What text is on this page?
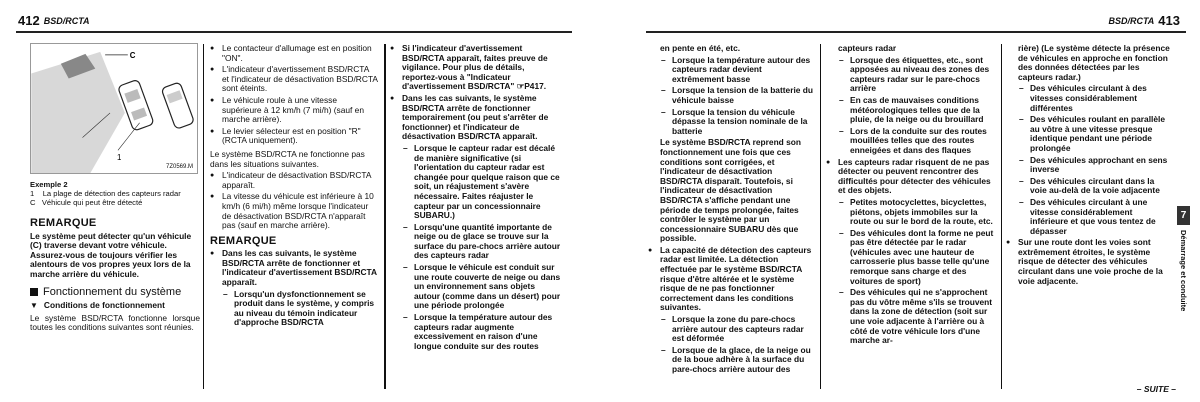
412 BSD/RCTA	BSD/RCTA 413
C
1
7Z0569.M
Exemple 2
1 La plage de détection des capteurs radar
C Véhicule qui peut être détecté
REMARQUE
Le système peut détecter qu'un véhicule (C) traverse devant votre véhicule. Assurez-vous de toujours vérifier les alentours de vos propres yeux lors de la marche arrière du véhicule.
Fonctionnement du système
▼ Conditions de fonctionnement
Le système BSD/RCTA fonctionne lorsque toutes les conditions suivantes sont réunies.
● Le contacteur d'allumage est en position "ON".
● L'indicateur d'avertissement BSD/RCTA et l'indicateur de désactivation BSD/RCTA sont éteints.
● Le véhicule roule à une vitesse supérieure à 12 km/h (7 mi/h) (sauf en marche arrière).
● Le levier sélecteur est en position "R" (RCTA uniquement).
Le système BSD/RCTA ne fonctionne pas dans les situations suivantes.
● L'indicateur de désactivation BSD/RCTA apparaît.
● La vitesse du véhicule est inférieure à 10 km/h (6 mi/h) même lorsque l'indicateur de désactivation BSD/RCTA n'apparaît pas (sauf en marche arrière).
REMARQUE
● Dans les cas suivants, le système BSD/RCTA arrête de fonctionner et l'indicateur d'avertissement BSD/RCTA apparaît.
– Lorsqu'un dysfonctionnement se produit dans le système, y compris au niveau du témoin indicateur d'approche BSD/RCTA
● Si l'indicateur d'avertissement BSD/RCTA apparaît, faites preuve de vigilance. Pour plus de détails, reportez-vous à "Indicateur d'avertissement BSD/RCTA" ☞P417.
● Dans les cas suivants, le système BSD/RCTA arrête de fonctionner temporairement (ou peut s'arrêter de fonctionner) et l'indicateur de désactivation BSD/RCTA apparaît.
– Lorsque le capteur radar est décalé de manière significative (si l'orientation du capteur radar est changée pour quelque raison que ce soit, un réajustement s'avère nécessaire. Faites réajuster le capteur par un concessionnaire SUBARU.)
– Lorsqu'une quantité importante de neige ou de glace se trouve sur la surface du pare-chocs arrière autour des capteurs radar
– Lorsque le véhicule est conduit sur une route couverte de neige ou dans un environnement sans objets autour (comme dans un désert) pour une période prolongée
– Lorsque la température autour des capteurs radar augmente excessivement en raison d'une longue conduite sur des routes
en pente en été, etc.
– Lorsque la température autour des capteurs radar devient extrêmement basse
– Lorsque la tension de la batterie du véhicule baisse
– Lorsque la tension du véhicule dépasse la tension nominale de la batterie
Le système BSD/RCTA reprend son fonctionnement une fois que ces conditions sont corrigées, et l'indicateur de désactivation BSD/RCTA disparaît. Toutefois, si l'indicateur de désactivation BSD/RCTA s'affiche pendant une période de temps prolongée, faites contrôler le système par un concessionnaire SUBARU dès que possible.
● La capacité de détection des capteurs radar est limitée. La détection effectuée par le système BSD/RCTA risque d'être altérée et le système risque de ne pas fonctionner correctement dans les conditions suivantes.
– Lorsque la zone du pare-chocs arrière autour des capteurs radar est déformée
– Lorsque de la glace, de la neige ou de la boue adhère à la surface du pare-chocs arrière autour des
capteurs radar
– Lorsque des étiquettes, etc., sont apposées au niveau des zones des capteurs radar sur le pare-chocs arrière
– En cas de mauvaises conditions météorologiques telles que de la pluie, de la neige ou du brouillard
– Lors de la conduite sur des routes mouillées telles que des routes enneigées et dans des flaques
● Les capteurs radar risquent de ne pas détecter ou peuvent rencontrer des difficultés pour détecter des véhicules et des objets.
– Petites motocyclettes, bicyclettes, piétons, objets immobiles sur la route ou sur le bord de la route, etc.
– Des véhicules dont la forme ne peut pas être détectée par le radar (véhicules avec une hauteur de carrosserie plus basse telle qu'une remorque sans charge et des voitures de sport)
– Des véhicules qui ne s'approchent pas du vôtre même s'ils se trouvent dans la zone de détection (soit sur une voie adjacente à l'arrière ou à côté de votre véhicule lors d'une marche ar-
rière) (Le système détecte la présence de véhicules en approche en fonction des données détectées par les capteurs radar.)
– Des véhicules circulant à des vitesses considérablement différentes
– Des véhicules roulant en parallèle au vôtre à une vitesse presque identique pendant une période prolongée
– Des véhicules approchant en sens inverse
– Des véhicules circulant dans la voie au-delà de la voie adjacente
– Des véhicules circulant à une vitesse considérablement inférieure et que vous tentez de dépasser
● Sur une route dont les voies sont extrêmement étroites, le système risque de détecter des véhicules circulant dans une voie proche de la voie adjacente.
7
Démarrage et conduite
– SUITE –
